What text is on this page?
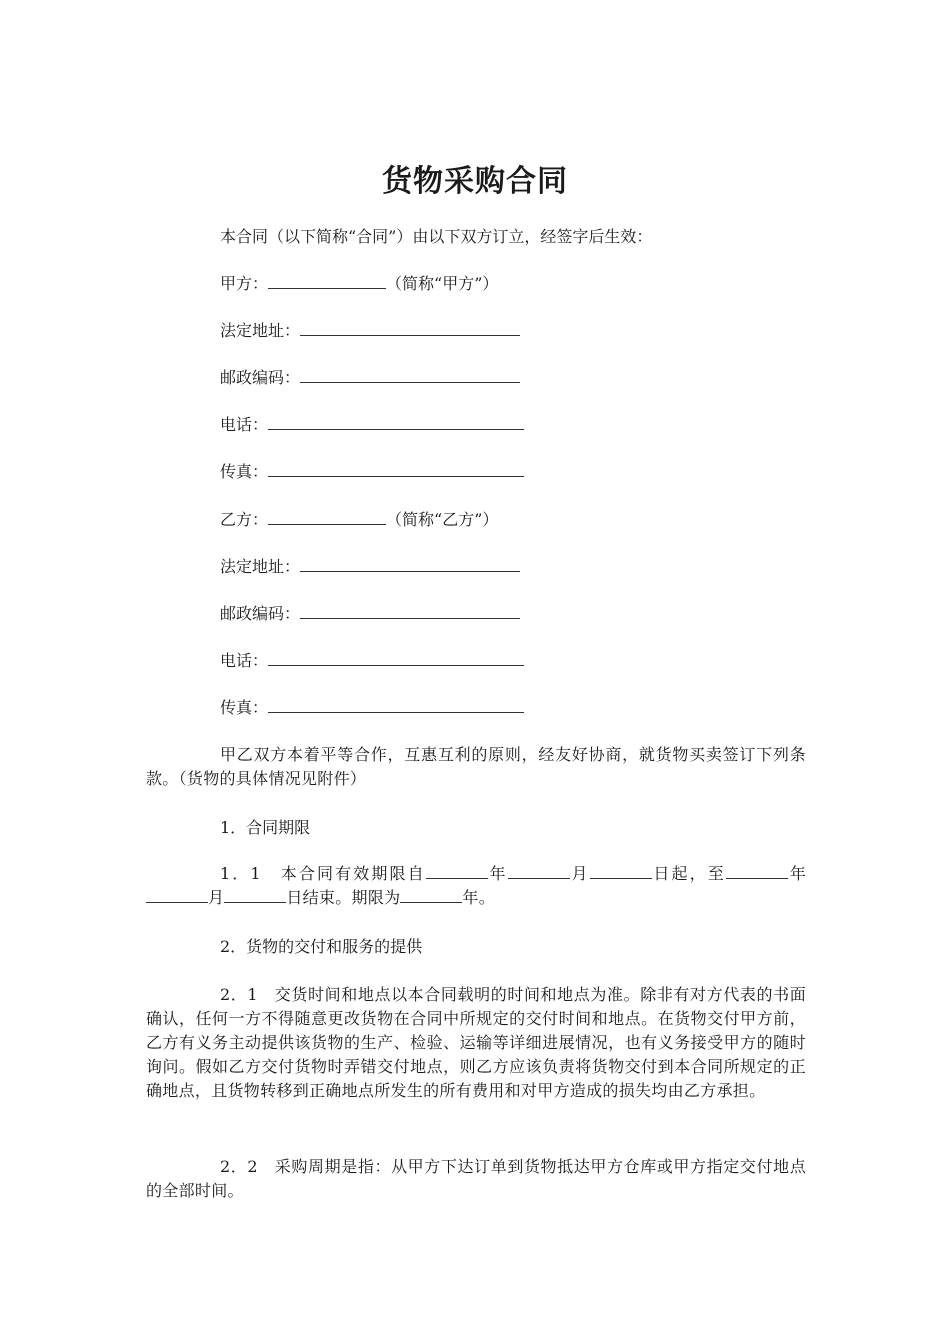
货物采购合同
本合同（以下简称“合同”）由以下双方订立，经签字后生效：
甲方：	（简称“甲方”）
法定地址：
邮政编码：
电话：
传真：
乙方：	（简称“乙方”）
法定地址：
邮政编码：
电话：
传真：
甲乙双方本着平等合作，互惠互利的原则，经友好协商，就货物买卖签订下列条款。（货物的具体情况见附件）
1．合同期限
1．1　本合同有效期限自	年	月	日起，至	年月	日结束。期限为	年。
2．货物的交付和服务的提供
2．1　交货时间和地点以本合同载明的时间和地点为准。除非有对方代表的书面确认，任何一方不得随意更改货物在合同中所规定的交付时间和地点。在货物交付甲方前，乙方有义务主动提供该货物的生产、检验、运输等详细进展情况，也有义务接受甲方的随时询问。假如乙方交付货物时弄错交付地点，则乙方应该负责将货物交付到本合同所规定的正确地点，且货物转移到正确地点所发生的所有费用和对甲方造成的损失均由乙方承担。
2．2　采购周期是指：从甲方下达订单到货物抵达甲方仓库或甲方指定交付地点的全部时间。
